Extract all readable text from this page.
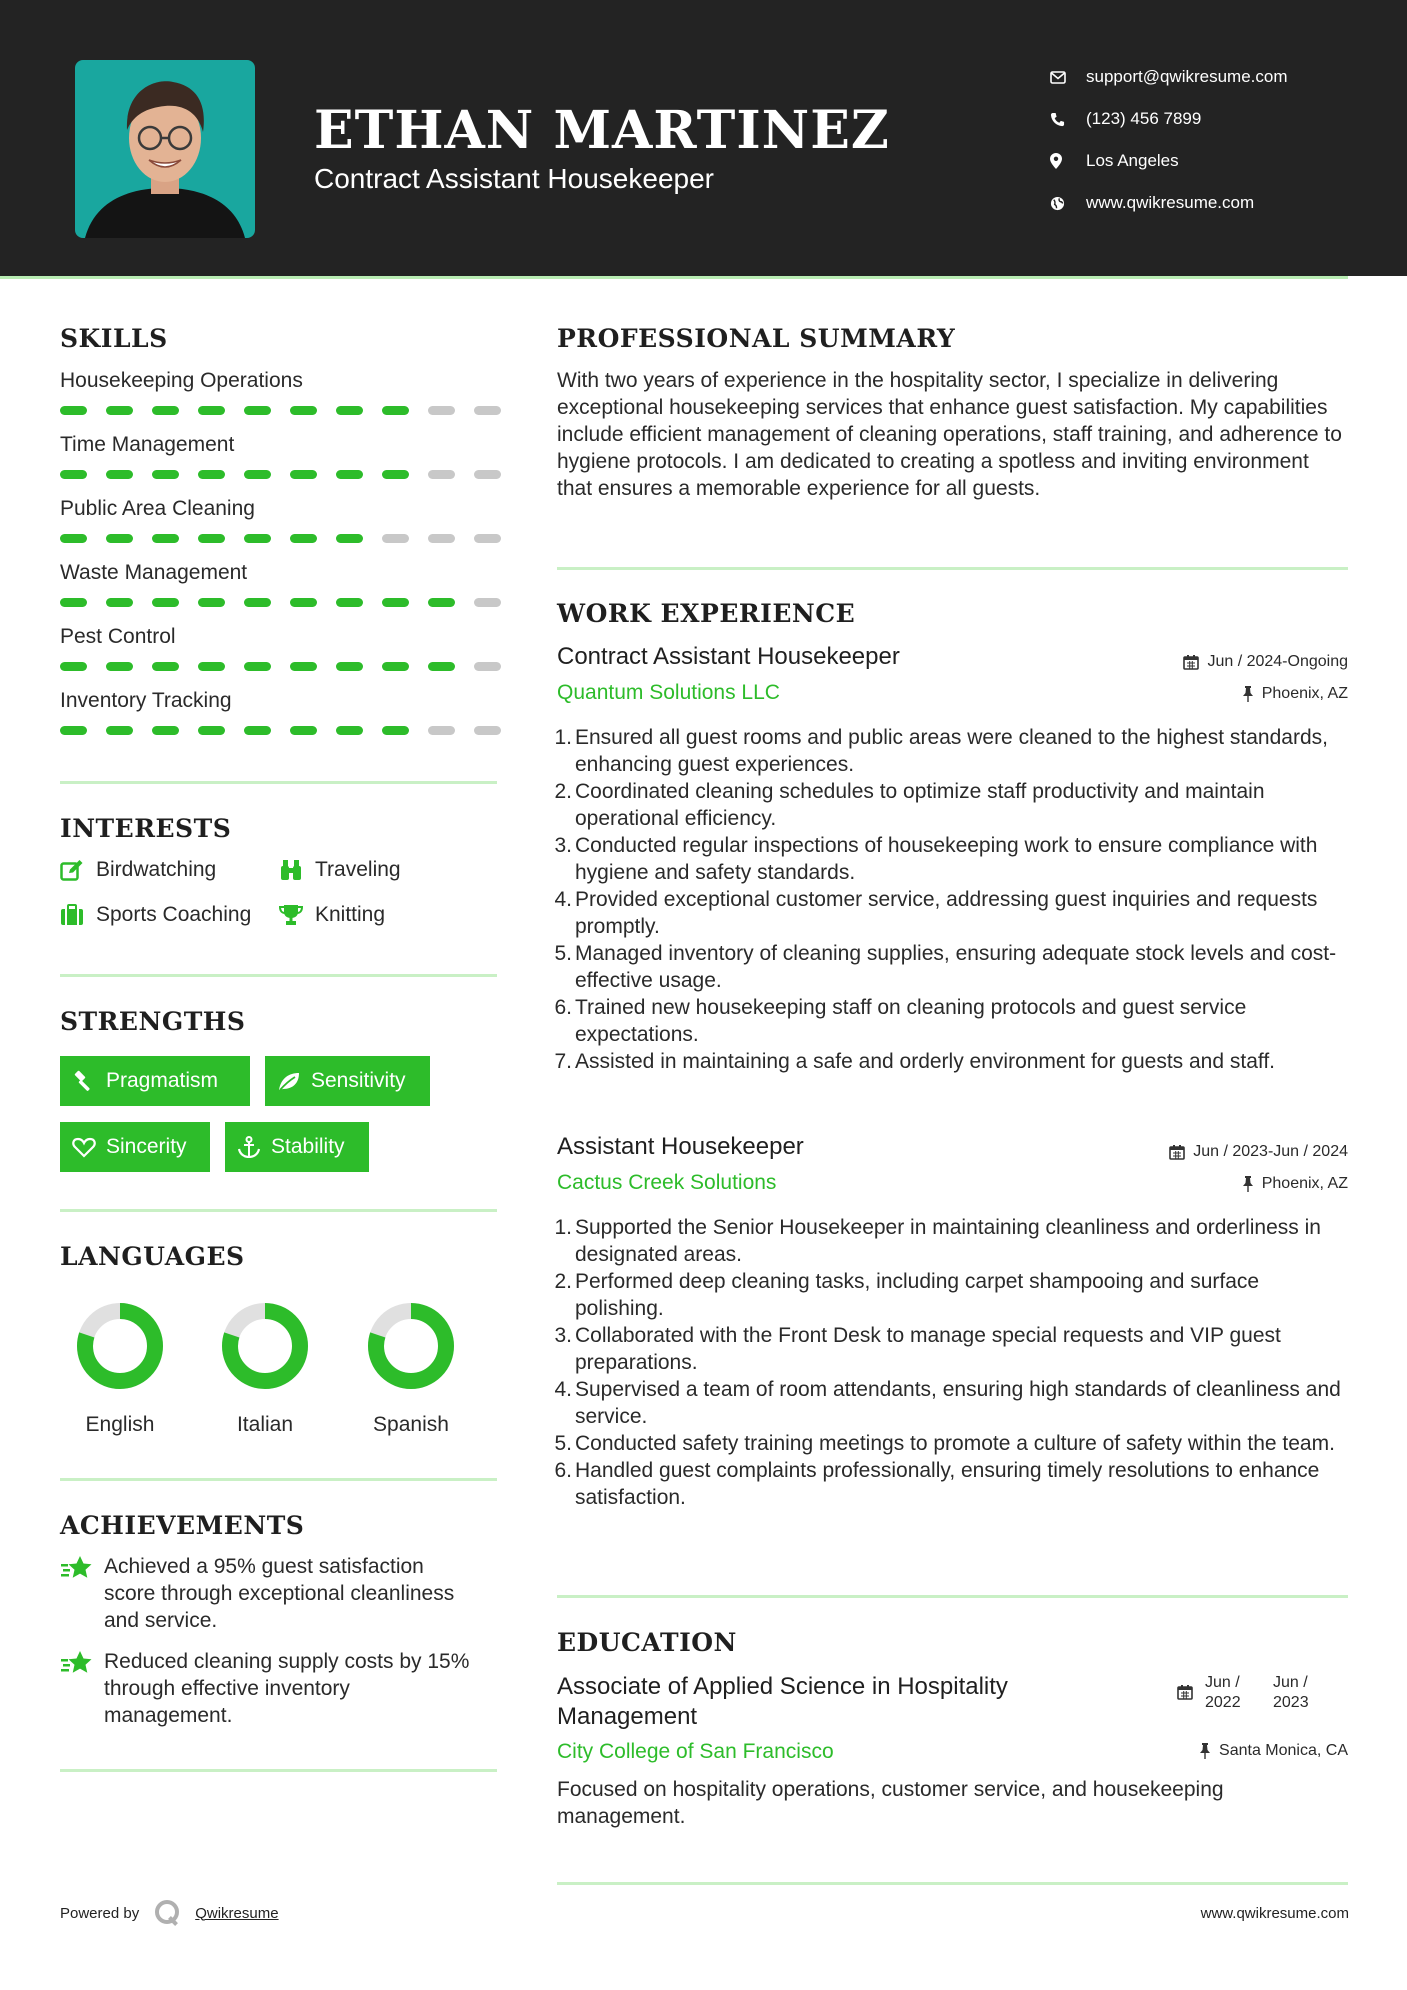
ETHAN MARTINEZ
Contract Assistant Housekeeper
support@qwikresume.com
(123) 456 7899
Los Angeles
www.qwikresume.com
SKILLS
Housekeeping Operations
Time Management
Public Area Cleaning
Waste Management
Pest Control
Inventory Tracking
INTERESTS
Birdwatching	Traveling
Sports Coaching	Knitting
STRENGTHS
Pragmatism	Sensitivity
Sincerity	Stability
LANGUAGES
English	Italian	Spanish
ACHIEVEMENTS
Achieved a 95% guest satisfaction score through exceptional cleanliness and service.
Reduced cleaning supply costs by 15% through effective inventory management.
PROFESSIONAL SUMMARY
With two years of experience in the hospitality sector, I specialize in delivering exceptional housekeeping services that enhance guest satisfaction. My capabilities include efficient management of cleaning operations, staff training, and adherence to hygiene protocols. I am dedicated to creating a spotless and inviting environment that ensures a memorable experience for all guests.
WORK EXPERIENCE
Contract Assistant Housekeeper
Quantum Solutions LLC
Jun / 2024-Ongoing
Phoenix, AZ
1. Ensured all guest rooms and public areas were cleaned to the highest standards, enhancing guest experiences.
2. Coordinated cleaning schedules to optimize staff productivity and maintain operational efficiency.
3. Conducted regular inspections of housekeeping work to ensure compliance with hygiene and safety standards.
4. Provided exceptional customer service, addressing guest inquiries and requests promptly.
5. Managed inventory of cleaning supplies, ensuring adequate stock levels and cost-effective usage.
6. Trained new housekeeping staff on cleaning protocols and guest service expectations.
7. Assisted in maintaining a safe and orderly environment for guests and staff.
Assistant Housekeeper
Cactus Creek Solutions
Jun / 2023-Jun / 2024
Phoenix, AZ
1. Supported the Senior Housekeeper in maintaining cleanliness and orderliness in designated areas.
2. Performed deep cleaning tasks, including carpet shampooing and surface polishing.
3. Collaborated with the Front Desk to manage special requests and VIP guest preparations.
4. Supervised a team of room attendants, ensuring high standards of cleanliness and service.
5. Conducted safety training meetings to promote a culture of safety within the team.
6. Handled guest complaints professionally, ensuring timely resolutions to enhance satisfaction.
EDUCATION
Associate of Applied Science in Hospitality
Management
Jun /
2022
Jun /
2023
City College of San Francisco	Santa Monica, CA
Focused on hospitality operations, customer service, and housekeeping management.
Powered by	Qwikresume	www.qwikresume.com
